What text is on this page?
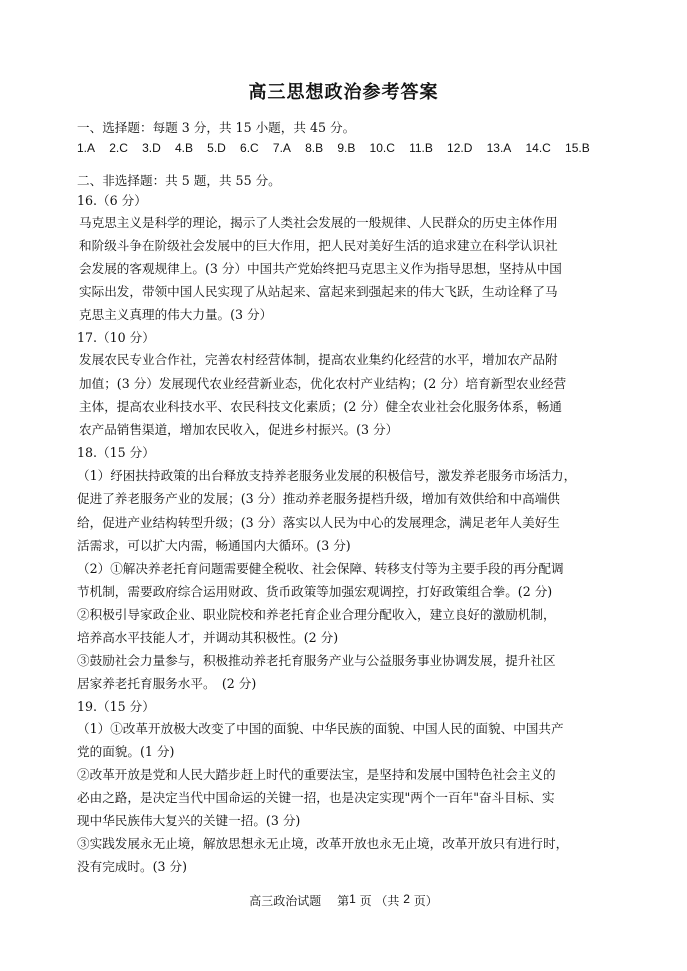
高三思想政治参考答案
一、选择题：每题 3 分，共 15 小题，共 45 分。
1.A 2.C 3.D 4.B 5.D 6.C 7.A 8.B 9.B 10.C 11.B 12.D 13.A 14.C 15.B
二、非选择题：共 5 题，共 55 分。
16.（6 分）
马克思主义是科学的理论，揭示了人类社会发展的一般规律、人民群众的历史主体作用
和阶级斗争在阶级社会发展中的巨大作用，把人民对美好生活的追求建立在科学认识社
会发展的客观规律上。(3 分）中国共产党始终把马克思主义作为指导思想，坚持从中国
实际出发，带领中国人民实现了从站起来、富起来到强起来的伟大飞跃，生动诠释了马
克思主义真理的伟大力量。(3 分）
17.（10 分）
发展农民专业合作社，完善农村经营体制，提高农业集约化经营的水平，增加农产品附
加值；(3 分）发展现代农业经营新业态，优化农村产业结构；(2 分）培育新型农业经营
主体，提高农业科技水平、农民科技文化素质；(2 分）健全农业社会化服务体系，畅通
农产品销售渠道，增加农民收入，促进乡村振兴。(3 分）
18.（15 分）
（1）纾困扶持政策的出台释放支持养老服务业发展的积极信号，激发养老服务市场活力，
促进了养老服务产业的发展；(3 分）推动养老服务提档升级，增加有效供给和中高端供
给，促进产业结构转型升级；(3 分）落实以人民为中心的发展理念，满足老年人美好生
活需求，可以扩大内需，畅通国内大循环。(3 分)
（2）①解决养老托育问题需要健全税收、社会保障、转移支付等为主要手段的再分配调
节机制，需要政府综合运用财政、货币政策等加强宏观调控，打好政策组合拳。(2 分)
②积极引导家政企业、职业院校和养老托育企业合理分配收入，建立良好的激励机制，
培养高水平技能人才，并调动其积极性。(2 分)
③鼓励社会力量参与，积极推动养老托育服务产业与公益服务事业协调发展，提升社区
居家养老托育服务水平。　(2 分)
19.（15 分）
（1）①改革开放极大改变了中国的面貌、中华民族的面貌、中国人民的面貌、中国共产
党的面貌。(1 分)
②改革开放是党和人民大踏步赶上时代的重要法宝，是坚持和发展中国特色社会主义的
必由之路，是决定当代中国命运的关键一招，也是决定实现"两个一百年"奋斗目标、实
现中华民族伟大复兴的关键一招。(3 分)
③实践发展永无止境，解放思想永无止境，改革开放也永无止境，改革开放只有进行时，
没有完成时。(3 分)
高三政治试题　 第1 页 （共 2 页）
